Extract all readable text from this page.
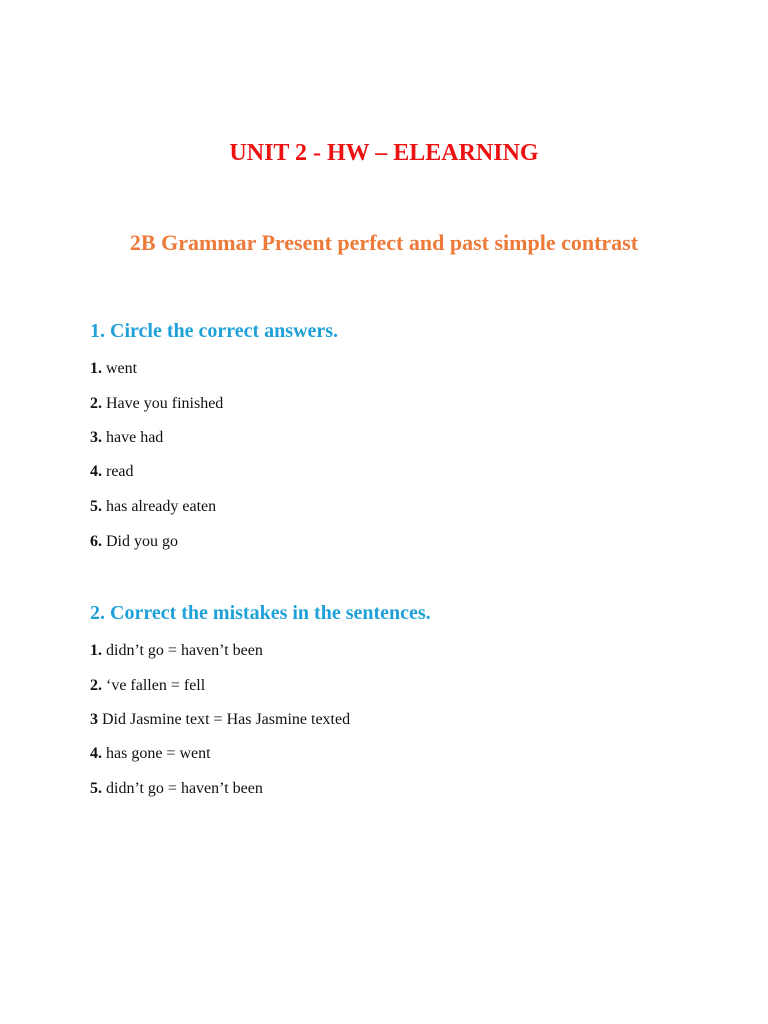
UNIT 2 - HW – ELEARNING
2B Grammar Present perfect and past simple contrast
1. Circle the correct answers.
1. went
2. Have you finished
3. have had
4. read
5. has already eaten
6. Did you go
2. Correct the mistakes in the sentences.
1. didn’t go = haven’t been
2. ‘ve fallen = fell
3 Did Jasmine text = Has Jasmine texted
4. has gone = went
5. didn’t go = haven’t been
